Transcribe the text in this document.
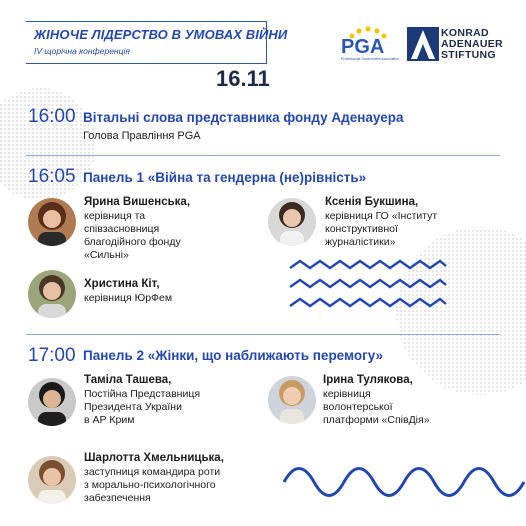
ЖІНОЧЕ ЛІДЕРСТВО В УМОВАХ ВІЙНИ
IV щорічна конференція
16.11
PGA
Professional Government Association
KONRAD
ADENAUER
STIFTUNG
16:00 Вітальні слова представника фонду Аденауера
Голова Правління PGA
16:05 Панель 1 «Війна та гендерна (не)рівність»
Ярина Вишенська,
керівниця та
співзасновниця
благодійного фонду
«Сильні»
Ксенія Букшина,
керівниця ГО «Інститут
конструктивної
журналістики»
Христина Кіт,
керівниця ЮрФем
17:00 Панель 2 «Жінки, що наближають перемогу»
Таміла Ташева,
Постійна Представниця
Президента України
в АР Крим
Ірина Тулякова,
керівниця
волонтерської
платформи «СпівДія»
Шарлотта Хмельницька,
заступниця командира роти
з морально-психологічного
забезпечення
